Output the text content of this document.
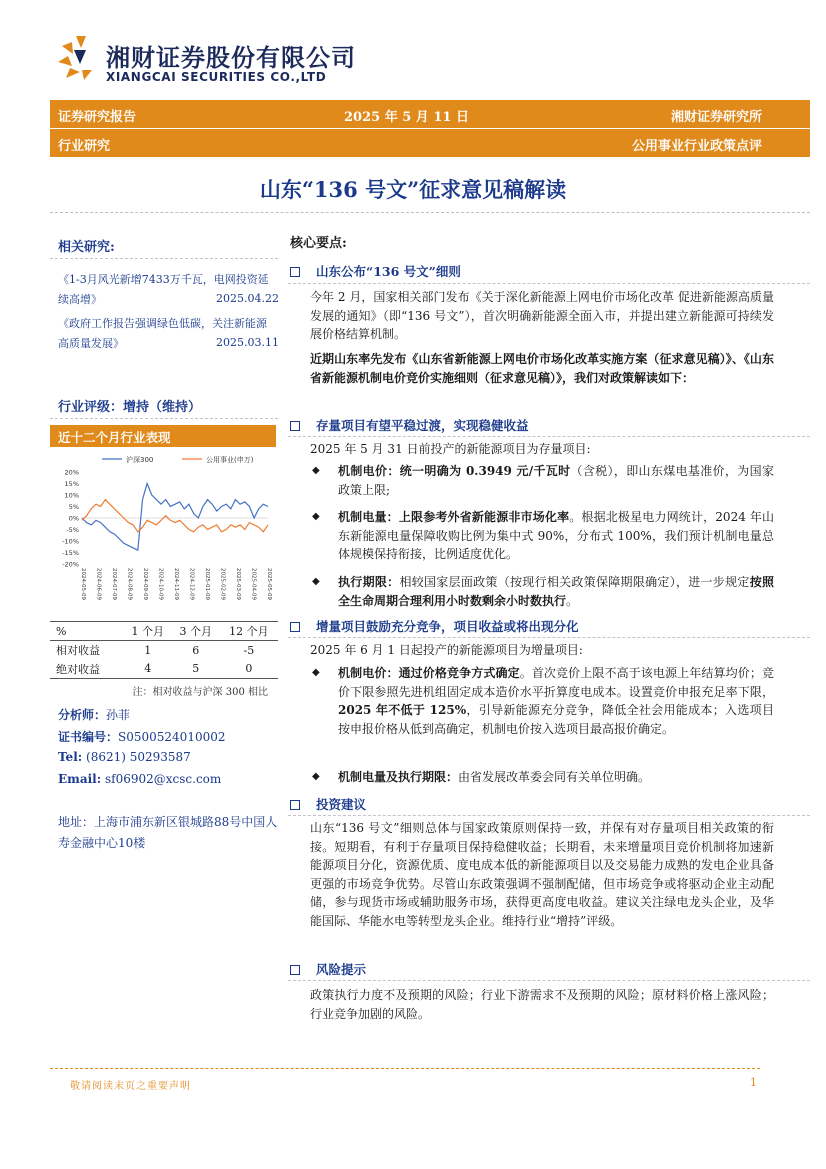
湘财证券股份有限公司
XIANGCAI SECURITIES CO.,LTD
证券研究报告	2025 年 5 月 11 日	湘财证券研究所
行业研究	公用事业行业政策点评
山东“136 号文”征求意见稿解读
相关研究:
《1-3月风光新增7433万千瓦，电网投资延续高增》	2025.04.22
《政府工作报告强调绿色低碳，关注新能源高质量发展》	2025.03.11
行业评级：增持（维持）
近十二个月行业表现
沪深300	公用事业(申万)
20%
15%
10%
5%
0%
-5%
-10%
-15%
-20%
2024-05-09 2024-06-09 2024-07-09 2024-08-09 2024-09-09 2024-10-09 2024-11-09 2024-12-09 2025-01-09 2025-02-09 2025-03-09 2025-04-09 2025-05-09
%	1 个月	3 个月	12 个月
相对收益	1	6	-5
绝对收益	4	5	0
注：相对收益与沪深 300 相比
分析师：孙菲
证书编号：S0500524010002
Tel: (8621) 50293587
Email: sf06902@xcsc.com
地址：上海市浦东新区银城路88号中国人寿金融中心10楼
核心要点:
山东公布“136 号文”细则
今年 2 月，国家相关部门发布《关于深化新能源上网电价市场化改革 促进新能源高质量发展的通知》（即“136 号文”），首次明确新能源全面入市，并提出建立新能源可持续发展价格结算机制。
近期山东率先发布《山东省新能源上网电价市场化改革实施方案（征求意见稿）》、《山东省新能源机制电价竞价实施细则（征求意见稿）》，我们对政策解读如下：
存量项目有望平稳过渡，实现稳健收益
2025 年 5 月 31 日前投产的新能源项目为存量项目:
◆	机制电价：统一明确为 0.3949 元/千瓦时（含税），即山东煤电基准价，为国家政策上限;
◆	机制电量：上限参考外省新能源非市场化率。根据北极星电力网统计，2024 年山东新能源电量保障收购比例为集中式 90%，分布式 100%，我们预计机制电量总体规模保持衔接，比例适度优化。
◆	执行期限：相较国家层面政策（按现行相关政策保障期限确定），进一步规定按照全生命周期合理利用小时数剩余小时数执行。
增量项目鼓励充分竞争，项目收益或将出现分化
2025 年 6 月 1 日起投产的新能源项目为增量项目:
◆	机制电价：通过价格竞争方式确定。首次竞价上限不高于该电源上年结算均价；竞价下限参照先进机组固定成本造价水平折算度电成本。设置竞价申报充足率下限，2025 年不低于 125%，引导新能源充分竞争，降低全社会用能成本；入选项目按申报价格从低到高确定，机制电价按入选项目最高报价确定。
◆	机制电量及执行期限：由省发展改革委会同有关单位明确。
投资建议
山东“136 号文”细则总体与国家政策原则保持一致，并保有对存量项目相关政策的衔接。短期看，有利于存量项目保持稳健收益；长期看，未来增量项目竞价机制将加速新能源项目分化，资源优质、度电成本低的新能源项目以及交易能力成熟的发电企业具备更强的市场竞争优势。尽管山东政策强调不强制配储，但市场竞争或将驱动企业主动配储，参与现货市场或辅助服务市场，获得更高度电收益。建议关注绿电龙头企业，及华能国际、华能水电等转型龙头企业。维持行业“增持”评级。
风险提示
政策执行力度不及预期的风险；行业下游需求不及预期的风险；原材料价格上涨风险；行业竞争加剧的风险。
敬请阅读末页之重要声明	1
